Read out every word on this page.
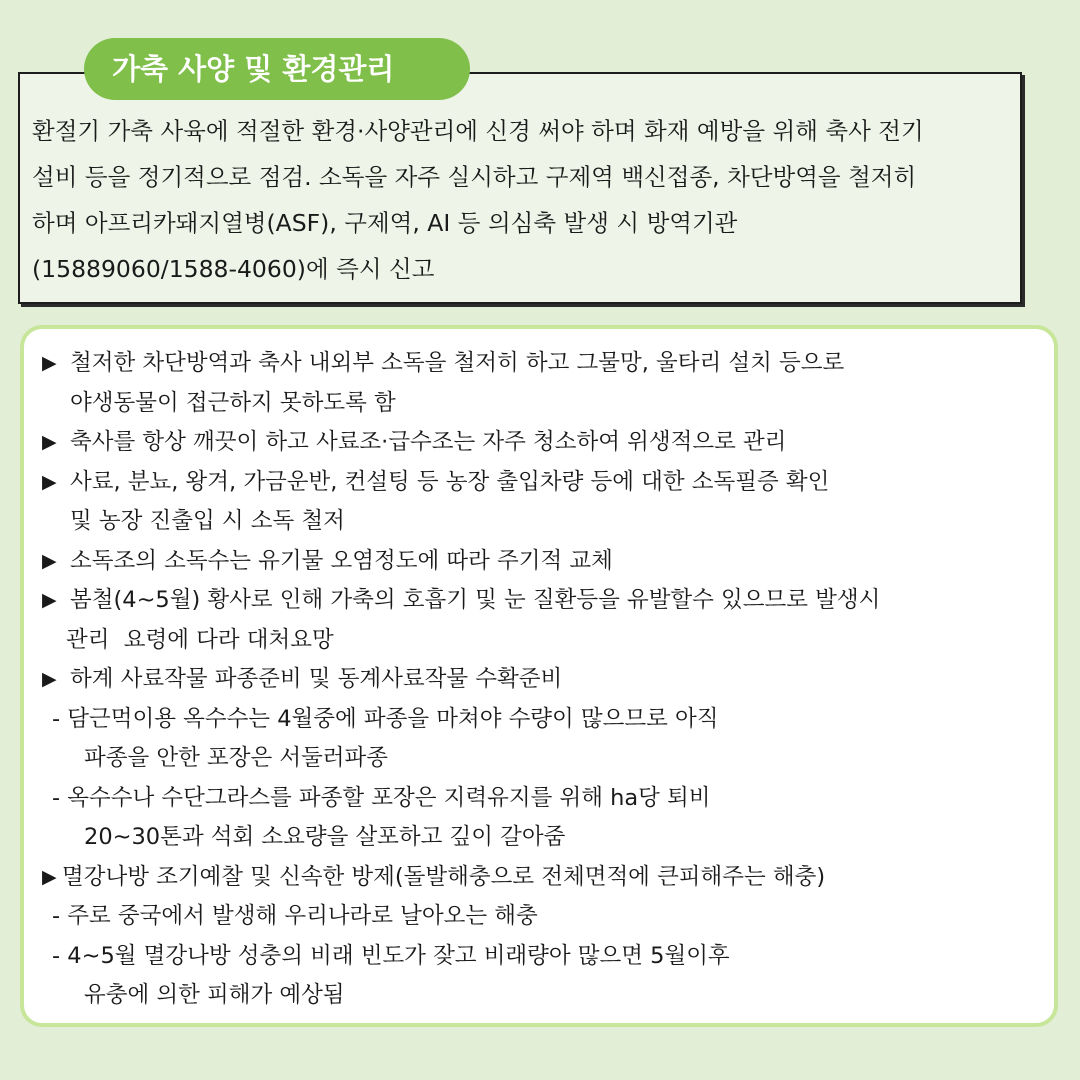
환절기 가축 사육에 적절한 환경·사양관리에 신경 써야 하며 화재 예방을 위해 축사 전기
설비 등을 정기적으로 점검. 소독을 자주 실시하고 구제역 백신접종, 차단방역을 철저히
하며 아프리카돼지열병(ASF), 구제역, AI 등 의심축 발생 시 방역기관
(15889060/1588-4060)에 즉시 신고
가축 사양 및 환경관리
▶ 철저한 차단방역과 축사 내외부 소독을 철저히 하고 그물망, 울타리 설치 등으로
야생동물이 접근하지 못하도록 함
▶ 축사를 항상 깨끗이 하고 사료조·급수조는 자주 청소하여 위생적으로 관리
▶ 사료, 분뇨, 왕겨, 가금운반, 컨설팅 등 농장 출입차량 등에 대한 소독필증 확인
및 농장 진출입 시 소독 철저
▶ 소독조의 소독수는 유기물 오염정도에 따라 주기적 교체
▶ 봄철(4~5월) 황사로 인해 가축의 호흡기 및 눈 질환등을 유발할수 있으므로 발생시
관리  요령에 다라 대처요망
▶ 하계 사료작물 파종준비 및 동계사료작물 수확준비
- 담근먹이용 옥수수는 4월중에 파종을 마쳐야 수량이 많으므로 아직
파종을 안한 포장은 서둘러파종
- 옥수수나 수단그라스를 파종할 포장은 지력유지를 위해 ha당 퇴비
20~30톤과 석회 소요량을 살포하고 깊이 갈아줌
▶ 멸강나방 조기예찰 및 신속한 방제(돌발해충으로 전체면적에 큰피해주는 해충)
- 주로 중국에서 발생해 우리나라로 날아오는 해충
- 4~5월 멸강나방 성충의 비래 빈도가 잦고 비래량아 많으면 5월이후
유충에 의한 피해가 예상됨
